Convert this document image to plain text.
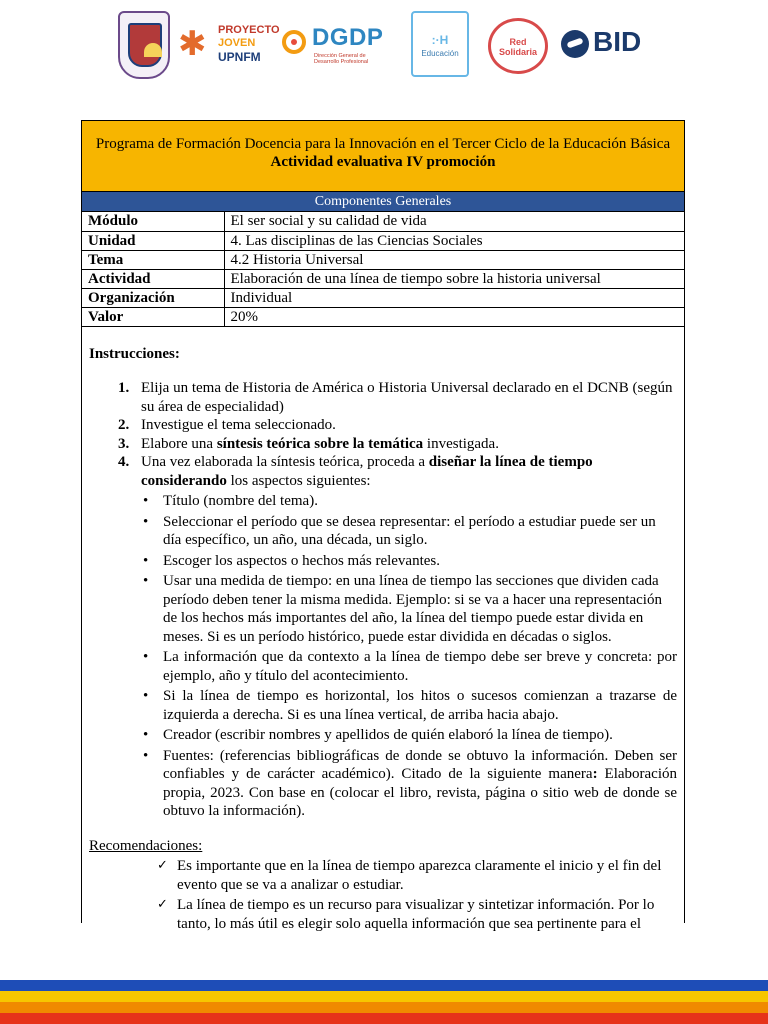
✱ PROYECTO
JOVEN
UPNFM
DGDP
Dirección General de Desarrollo Profesional
:·H
Educación
Red Solidaria BID
Programa de Formación Docencia para la Innovación en el Tercer Ciclo de la Educación Básica
Actividad evaluativa IV promoción
Componentes Generales
Módulo	El ser social y su calidad de vida
Unidad	4. Las disciplinas de las Ciencias Sociales
Tema	4.2 Historia Universal
Actividad	Elaboración de una línea de tiempo sobre la historia universal
Organización	Individual
Valor	20%
Instrucciones:
1. Elija un tema de Historia de América o Historia Universal declarado en el DCNB (según su área de especialidad)
2. Investigue el tema seleccionado.
3. Elabore una síntesis teórica sobre la temática investigada.
4. Una vez elaborada la síntesis teórica, proceda a diseñar la línea de tiempo considerando los aspectos siguientes:
• Título (nombre del tema).
• Seleccionar el período que se desea representar: el período a estudiar puede ser un día específico, un año, una década, un siglo.
• Escoger los aspectos o hechos más relevantes.
• Usar una medida de tiempo: en una línea de tiempo las secciones que dividen cada período deben tener la misma medida. Ejemplo: si se va a hacer una representación de los hechos más importantes del año, la línea del tiempo puede estar divida en meses. Si es un período histórico, puede estar dividida en décadas o siglos.
• La información que da contexto a la línea de tiempo debe ser breve y concreta: por ejemplo, año y título del acontecimiento.
• Si la línea de tiempo es horizontal, los hitos o sucesos comienzan a trazarse de izquierda a derecha. Si es una línea vertical, de arriba hacia abajo.
• Creador (escribir nombres y apellidos de quién elaboró la línea de tiempo).
• Fuentes: (referencias bibliográficas de donde se obtuvo la información. Deben ser confiables y de carácter académico). Citado de la siguiente manera: Elaboración propia, 2023. Con base en (colocar el libro, revista, página o sitio web de donde se obtuvo la información).
Recomendaciones:
✓ Es importante que en la línea de tiempo aparezca claramente el inicio y el fin del evento que se va a analizar o estudiar.
✓ La línea de tiempo es un recurso para visualizar y sintetizar información. Por lo tanto, lo más útil es elegir solo aquella información que sea pertinente para el
